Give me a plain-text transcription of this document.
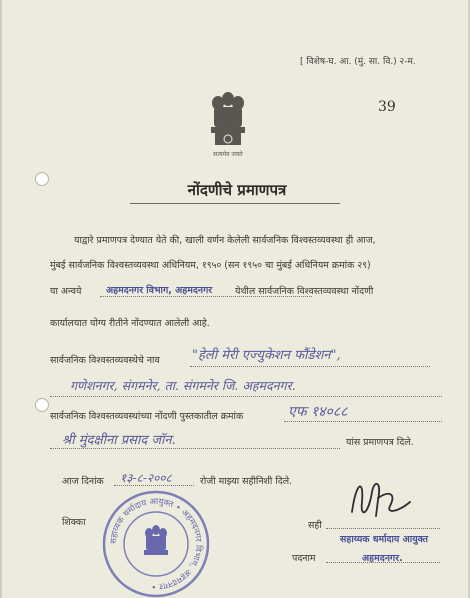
[ विशेष-घ. आ. (मुं. सा. वि.) २-म.
39
सत्यमेव जयते
नोंदणीचे प्रमाणपत्र
याद्वारे प्रमाणपत्र देण्यात येते की, खाली वर्णन केलेली सार्वजनिक विश्वस्तव्यवस्था ही आज,
मुंबई सार्वजनिक विश्वस्तव्यवस्था अधिनियम, १९५० (सन १९५० चा मुंबई अधिनियम क्रमांक २९)
या अन्वये	अहमदनगर विभाग, अहमदनगर येथील सार्वजनिक विश्वस्तव्यवस्था नोंदणी
कार्यालयात योग्य रीतीने नोंदण्यात आलेली आहे.
सार्वजनिक विश्वस्तव्यवस्थेचे नाव "हेली मेरी एज्युकेशन फौंडेशन",
गणेशनगर, संगमनेर, ता. संगमनेर जि. अहमदनगर.
सार्वजनिक विश्वस्तव्यवस्थांच्या नोंदणी पुस्तकातील क्रमांक	एफ १४०८८
श्री मुंदक्षीना प्रसाद जॉन.	यांस प्रमाणपत्र दिले.
आज दिनांक १३-८-२००८	रोजी माझ्या सहीनिशी दिले.
शिक्का	सही
पदनाम
सहाय्यक धर्मादाय आयुक्त
अहमदनगर.
सहाय्यक धर्मादाय आयुक्त • अहमदनगर विभाग, अहमदनगर •
